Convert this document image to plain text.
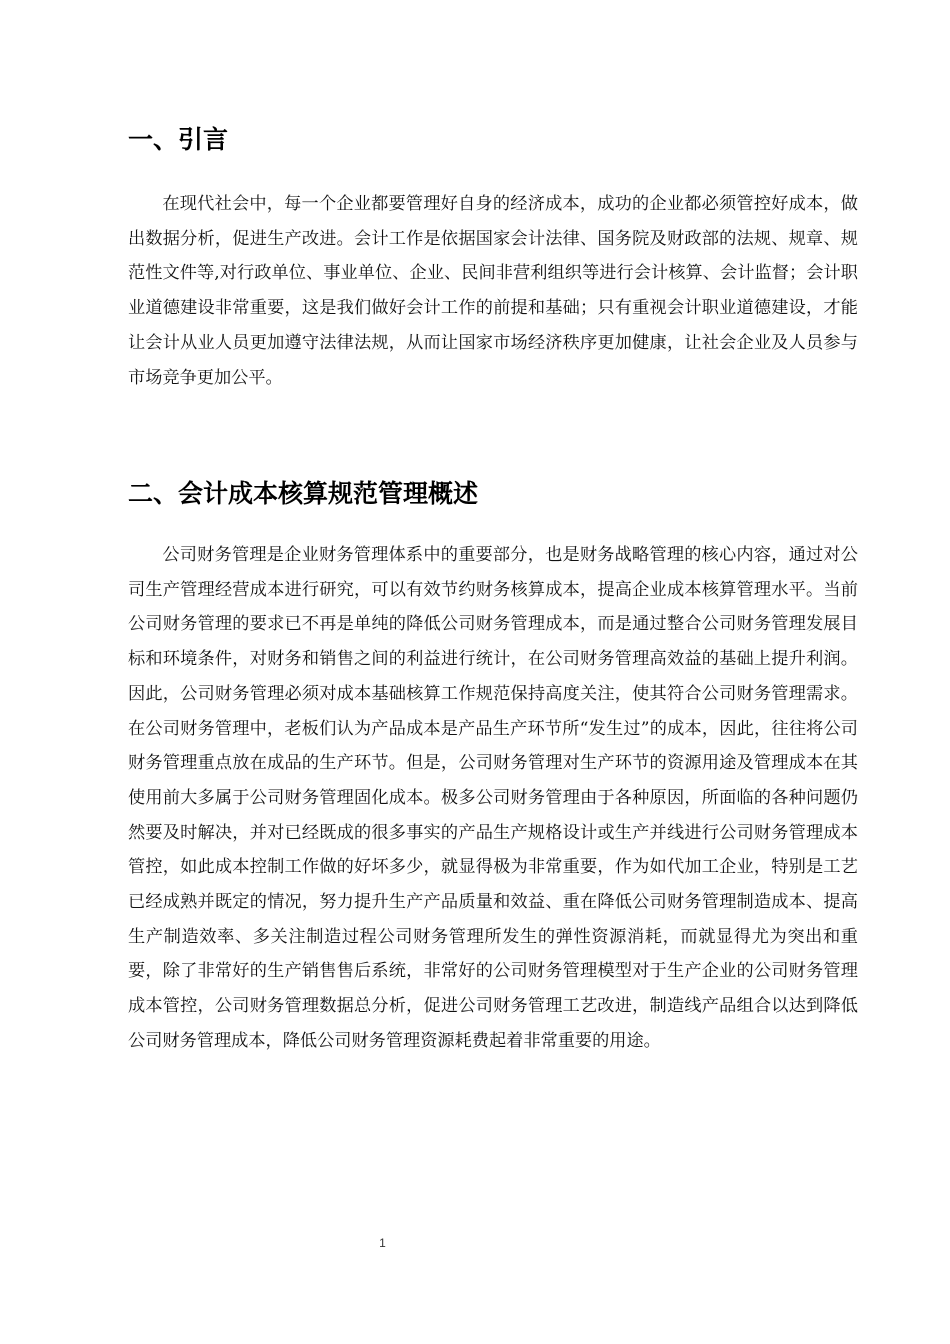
一、引言

在现代社会中，每一个企业都要管理好自身的经济成本，成功的企业都必须管控好成本，做出数据分析，促进生产改进。会计工作是依据国家会计法律、国务院及财政部的法规、规章、规范性文件等,对行政单位、事业单位、企业、民间非营利组织等进行会计核算、会计监督；会计职业道德建设非常重要，这是我们做好会计工作的前提和基础；只有重视会计职业道德建设，才能让会计从业人员更加遵守法律法规，从而让国家市场经济秩序更加健康，让社会企业及人员参与市场竞争更加公平。

二、会计成本核算规范管理概述

公司财务管理是企业财务管理体系中的重要部分，也是财务战略管理的核心内容，通过对公司生产管理经营成本进行研究，可以有效节约财务核算成本，提高企业成本核算管理水平。当前公司财务管理的要求已不再是单纯的降低公司财务管理成本，而是通过整合公司财务管理发展目标和环境条件，对财务和销售之间的利益进行统计，在公司财务管理高效益的基础上提升利润。因此，公司财务管理必须对成本基础核算工作规范保持高度关注，使其符合公司财务管理需求。在公司财务管理中，老板们认为产品成本是产品生产环节所“发生过”的成本，因此，往往将公司财务管理重点放在成品的生产环节。但是，公司财务管理对生产环节的资源用途及管理成本在其使用前大多属于公司财务管理固化成本。极多公司财务管理由于各种原因，所面临的各种问题仍然要及时解决，并对已经既成的很多事实的产品生产规格设计或生产并线进行公司财务管理成本管控，如此成本控制工作做的好坏多少，就显得极为非常重要，作为如代加工企业，特别是工艺已经成熟并既定的情况，努力提升生产产品质量和效益、重在降低公司财务管理制造成本、提高生产制造效率、多关注制造过程公司财务管理所发生的弹性资源消耗，而就显得尤为突出和重要，除了非常好的生产销售售后系统，非常好的公司财务管理模型对于生产企业的公司财务管理成本管控，公司财务管理数据总分析，促进公司财务管理工艺改进，制造线产品组合以达到降低公司财务管理成本，降低公司财务管理资源耗费起着非常重要的用途。

1
